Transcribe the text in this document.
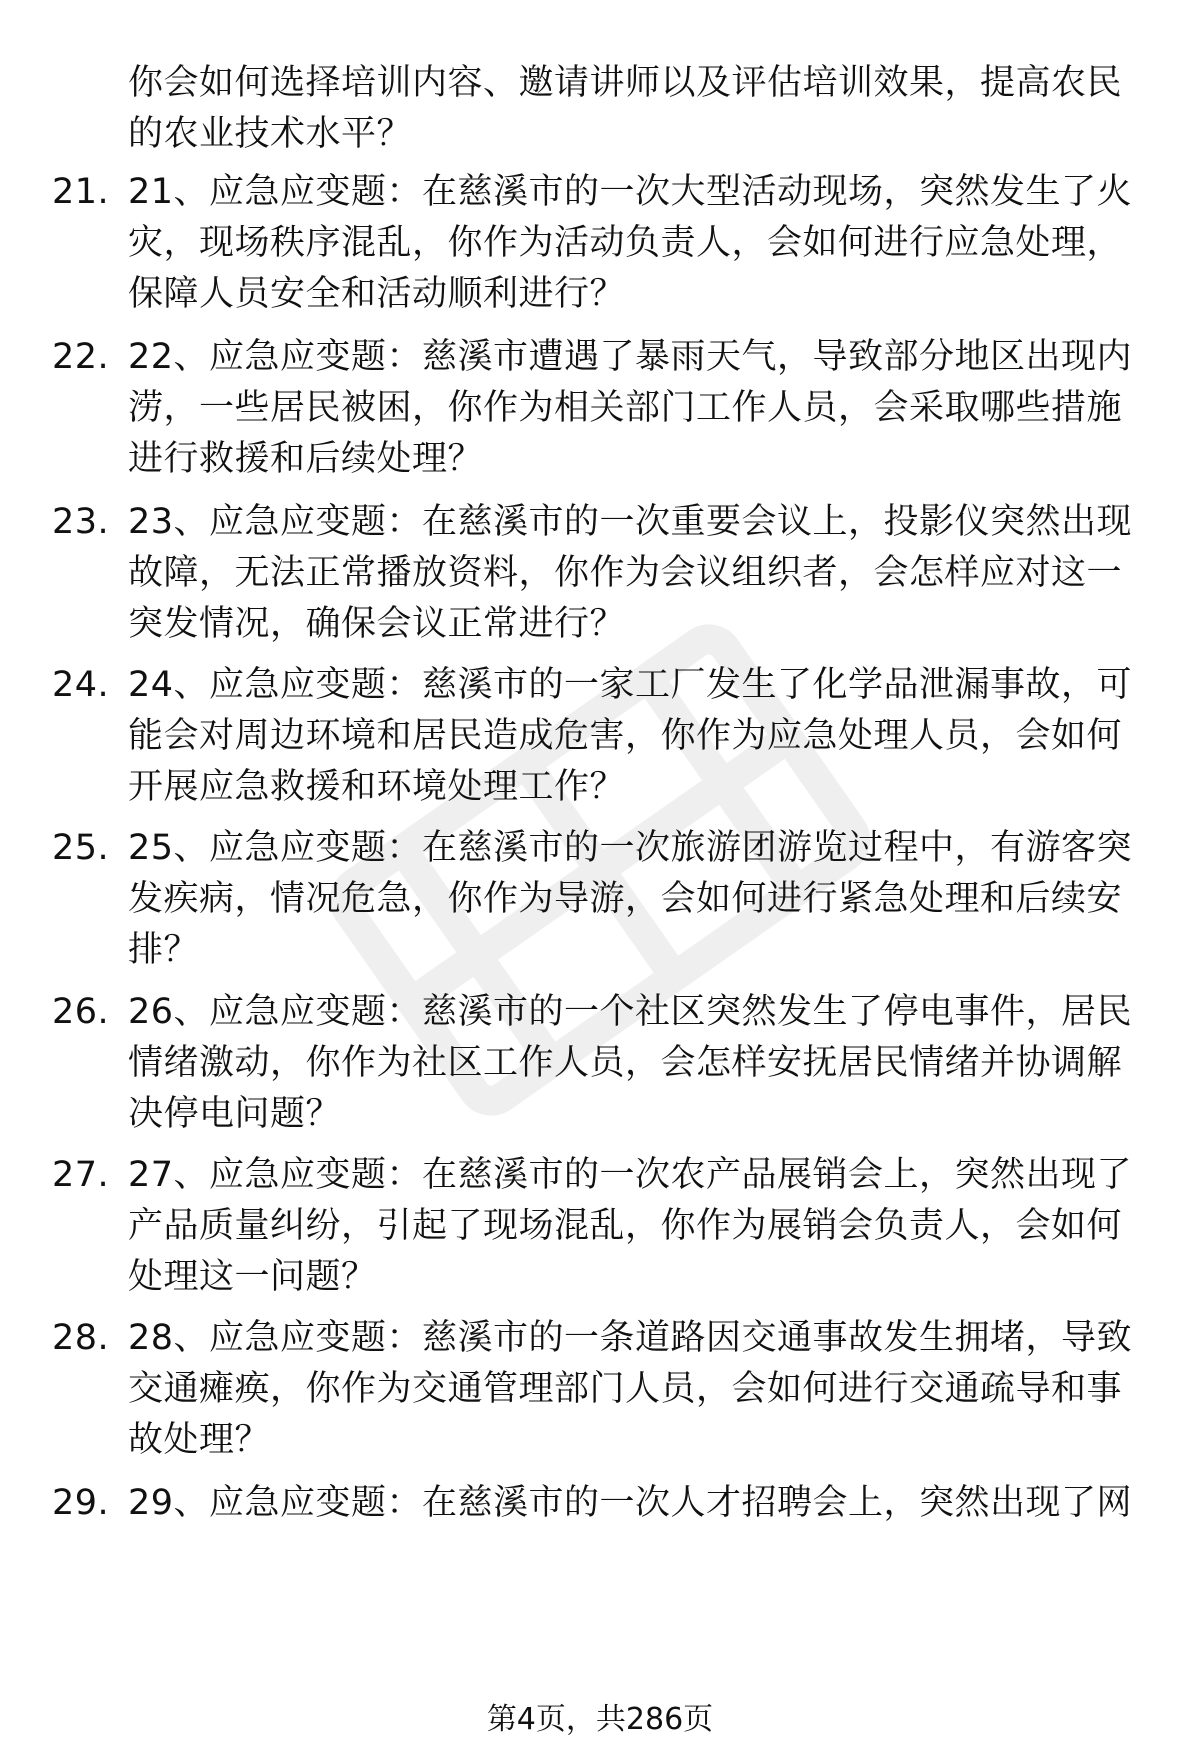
你会如何选择培训内容、邀请讲师以及评估培训效果，提高农民的农业技术水平？
21. 21、应急应变题：在慈溪市的一次大型活动现场，突然发生了火灾，现场秩序混乱，你作为活动负责人，会如何进行应急处理，保障人员安全和活动顺利进行？
22. 22、应急应变题：慈溪市遭遇了暴雨天气，导致部分地区出现内涝，一些居民被困，你作为相关部门工作人员，会采取哪些措施进行救援和后续处理？
23. 23、应急应变题：在慈溪市的一次重要会议上，投影仪突然出现故障，无法正常播放资料，你作为会议组织者，会怎样应对这一突发情况，确保会议正常进行？
24. 24、应急应变题：慈溪市的一家工厂发生了化学品泄漏事故，可能会对周边环境和居民造成危害，你作为应急处理人员，会如何开展应急救援和环境处理工作？
25. 25、应急应变题：在慈溪市的一次旅游团游览过程中，有游客突发疾病，情况危急，你作为导游，会如何进行紧急处理和后续安排？
26. 26、应急应变题：慈溪市的一个社区突然发生了停电事件，居民情绪激动，你作为社区工作人员，会怎样安抚居民情绪并协调解决停电问题？
27. 27、应急应变题：在慈溪市的一次农产品展销会上，突然出现了产品质量纠纷，引起了现场混乱，你作为展销会负责人，会如何处理这一问题？
28. 28、应急应变题：慈溪市的一条道路因交通事故发生拥堵，导致交通瘫痪，你作为交通管理部门人员，会如何进行交通疏导和事故处理？
29. 29、应急应变题：在慈溪市的一次人才招聘会上，突然出现了网
第4页，共286页
